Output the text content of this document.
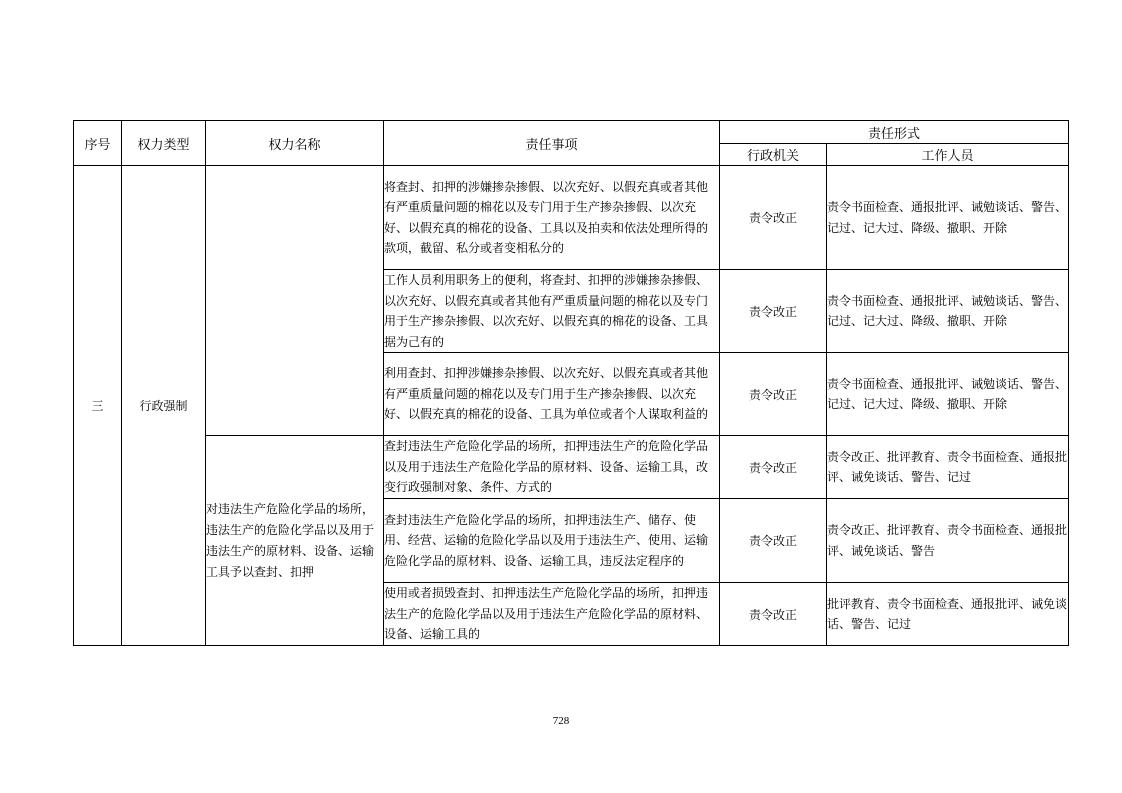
序号	权力类型	权力名称	责任事项	责任形式	
				行政机关	工作人员
三	行政强制		将查封、扣押的涉嫌掺杂掺假、以次充好、以假充真或者其他有严重质量问题的棉花以及专门用于生产掺杂掺假、以次充好、以假充真的棉花的设备、工具以及拍卖和依法处理所得的款项，截留、私分或者变相私分的	责令改正	责令书面检查、通报批评、诫勉谈话、警告、记过、记大过、降级、撤职、开除
			工作人员利用职务上的便利，将查封、扣押的涉嫌掺杂掺假、以次充好、以假充真或者其他有严重质量问题的棉花以及专门用于生产掺杂掺假、以次充好、以假充真的棉花的设备、工具据为己有的	责令改正	责令书面检查、通报批评、诫勉谈话、警告、记过、记大过、降级、撤职、开除
			利用查封、扣押涉嫌掺杂掺假、以次充好、以假充真或者其他有严重质量问题的棉花以及专门用于生产掺杂掺假、以次充好、以假充真的棉花的设备、工具为单位或者个人谋取利益的	责令改正	责令书面检查、通报批评、诫勉谈话、警告、记过、记大过、降级、撤职、开除
		对违法生产危险化学品的场所，违法生产的危险化学品以及用于违法生产的原材料、设备、运输工具予以查封、扣押	查封违法生产危险化学品的场所，扣押违法生产的危险化学品以及用于违法生产危险化学品的原材料、设备、运输工具，改变行政强制对象、条件、方式的	责令改正	责令改正、批评教育、责令书面检查、通报批评、诫免谈话、警告、记过
			查封违法生产危险化学品的场所，扣押违法生产、储存、使用、经营、运输的危险化学品以及用于违法生产、使用、运输危险化学品的原材料、设备、运输工具，违反法定程序的	责令改正	责令改正、批评教育、责令书面检查、通报批评、诫免谈话、警告
			使用或者损毁查封、扣押违法生产危险化学品的场所，扣押违法生产的危险化学品以及用于违法生产危险化学品的原材料、设备、运输工具的	责令改正	批评教育、责令书面检查、通报批评、诫免谈话、警告、记过
728
